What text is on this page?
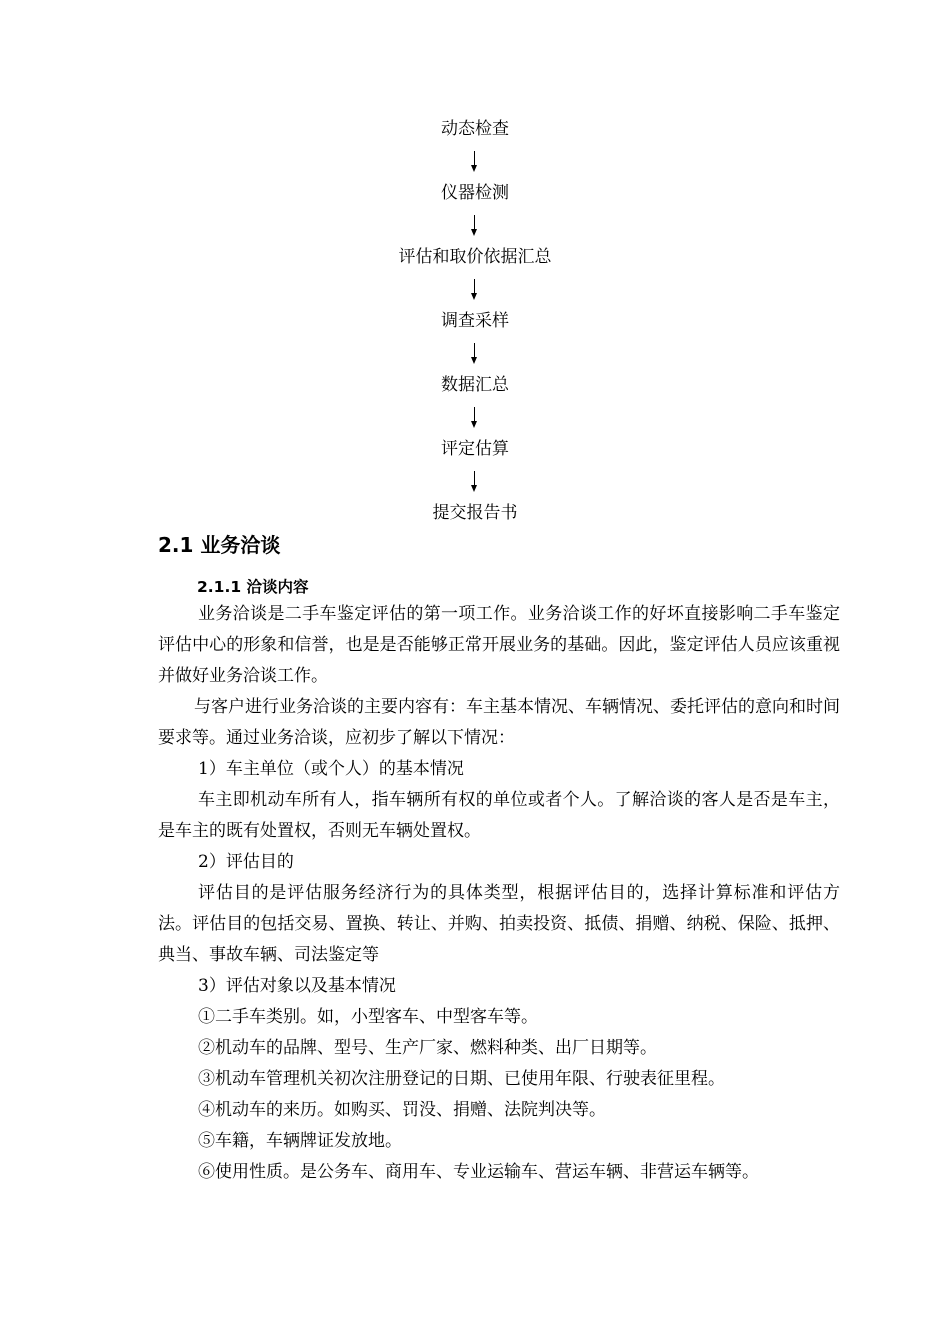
动态检查
仪器检测
评估和取价依据汇总
调查采样
数据汇总
评定估算
提交报告书
2.1 业务洽谈
2.1.1 洽谈内容

业务洽谈是二手车鉴定评估的第一项工作。业务洽谈工作的好坏直接影响二手车鉴定评估中心的形象和信誉，也是是否能够正常开展业务的基础。因此，鉴定评估人员应该重视并做好业务洽谈工作。

与客户进行业务洽谈的主要内容有：车主基本情况、车辆情况、委托评估的意向和时间要求等。通过业务洽谈，应初步了解以下情况：

1）车主单位（或个人）的基本情况

车主即机动车所有人，指车辆所有权的单位或者个人。了解洽谈的客人是否是车主，是车主的既有处置权，否则无车辆处置权。

2）评估目的

评估目的是评估服务经济行为的具体类型，根据评估目的，选择计算标准和评估方法。评估目的包括交易、置换、转让、并购、拍卖投资、抵债、捐赠、纳税、保险、抵押、典当、事故车辆、司法鉴定等

3）评估对象以及基本情况

①二手车类别。如，小型客车、中型客车等。

②机动车的品牌、型号、生产厂家、燃料种类、出厂日期等。

③机动车管理机关初次注册登记的日期、已使用年限、行驶表征里程。

④机动车的来历。如购买、罚没、捐赠、法院判决等。

⑤车籍，车辆牌证发放地。

⑥使用性质。是公务车、商用车、专业运输车、营运车辆、非营运车辆等。
